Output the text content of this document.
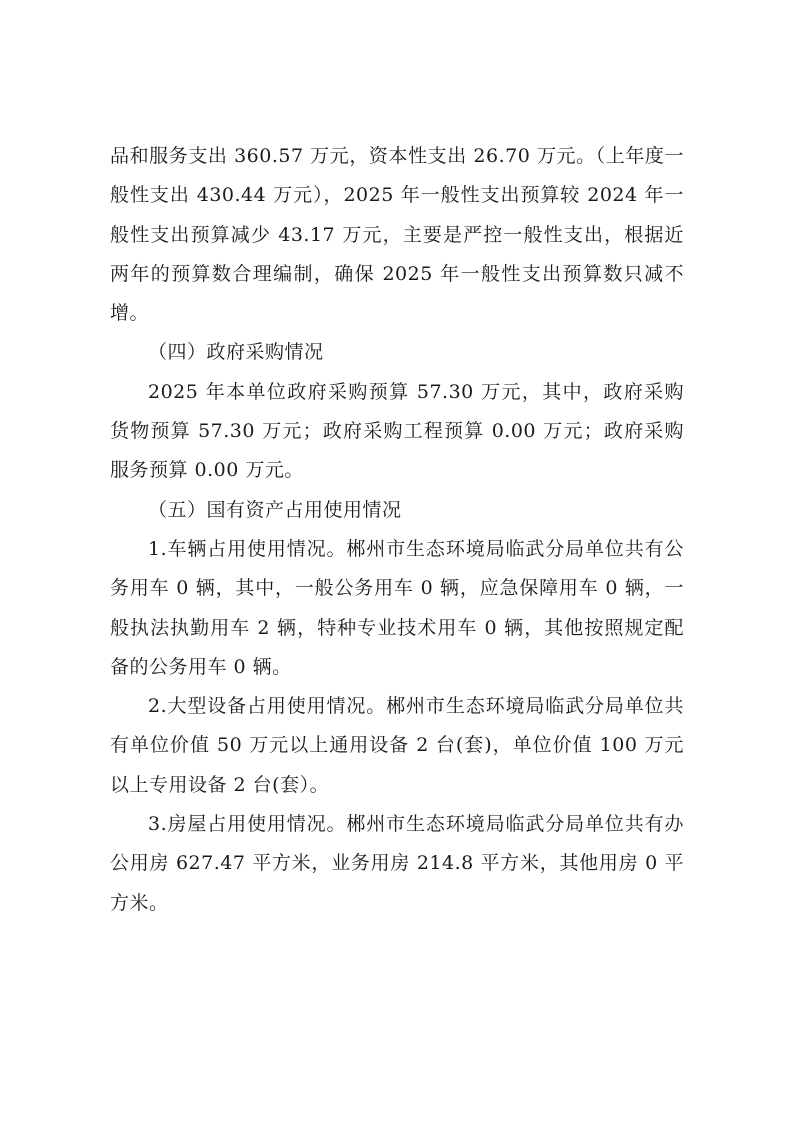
品和服务支出 360.57 万元，资本性支出 26.70 万元。（上年度一般性支出 430.44 万元），2025 年一般性支出预算较 2024 年一般性支出预算减少 43.17 万元，主要是严控一般性支出，根据近两年的预算数合理编制，确保 2025 年一般性支出预算数只减不增。

（四）政府采购情况

2025 年本单位政府采购预算 57.30 万元，其中，政府采购货物预算 57.30 万元；政府采购工程预算 0.00 万元；政府采购服务预算 0.00 万元。

（五）国有资产占用使用情况

1.车辆占用使用情况。郴州市生态环境局临武分局单位共有公务用车 0 辆，其中，一般公务用车 0 辆，应急保障用车 0 辆，一般执法执勤用车 2 辆，特种专业技术用车 0 辆，其他按照规定配备的公务用车 0 辆。

2.大型设备占用使用情况。郴州市生态环境局临武分局单位共有单位价值 50 万元以上通用设备 2 台(套)，单位价值 100 万元以上专用设备 2 台(套）。

3.房屋占用使用情况。郴州市生态环境局临武分局单位共有办公用房 627.47 平方米，业务用房 214.8 平方米，其他用房 0 平方米。
